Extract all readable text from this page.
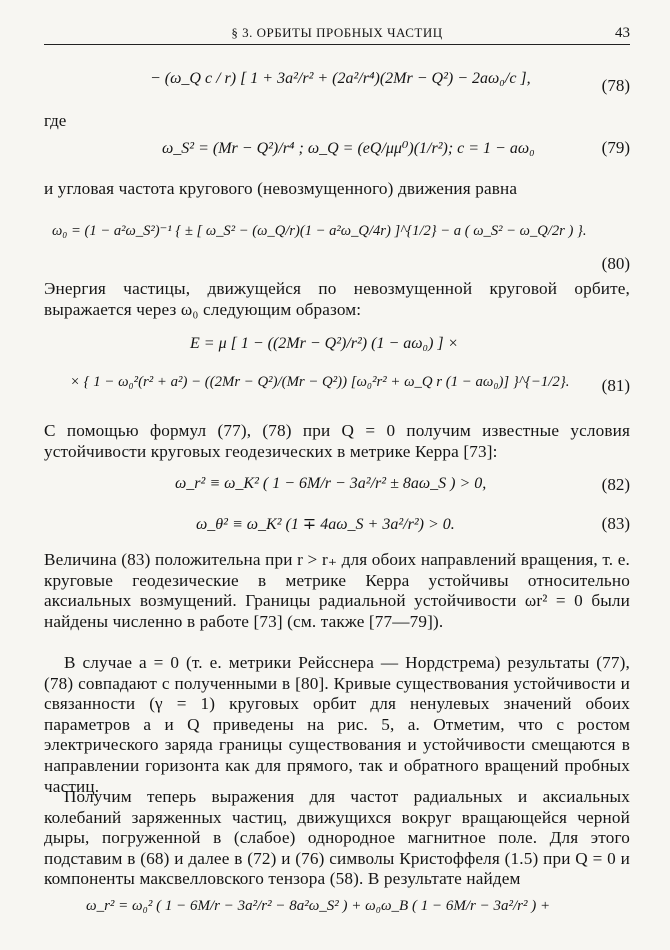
§ 3. ОРБИТЫ ПРОБНЫХ ЧАСТИЦ	43
− (ω_Q c / r) [ 1 + 3a²/r² + (2a²/r⁴)(2Mr − Q²) − 2aω₀/c ],	(78)
где
ω_S² = (Mr − Q²)/r⁴ ; ω_Q = (eQ/μμ⁰)(1/r²); c = 1 − aω₀	(79)
и угловая частота кругового (невозмущенного) движения равна
ω₀ = (1 − a²ω_S²)⁻¹ { ± [ ω_S² − (ω_Q/r)(1 − a²ω_Q/4r) ]^{1/2} − a ( ω_S² − ω_Q/2r ) }.
(80)
Энергия частицы, движущейся по невозмущенной круговой орбите, выражается через ω₀ следующим образом:
E = μ [ 1 − ((2Mr − Q²)/r²) (1 − aω₀) ] ×
× { 1 − ω₀²(r² + a²) − ((2Mr − Q²)/(Mr − Q²)) [ω₀²r² + ω_Q r (1 − aω₀)] }^{−1/2}. (81)
С помощью формул (77), (78) при Q = 0 получим известные условия устойчивости круговых геодезических в метрике Керра [73]:
ω_r² ≡ ω_K² ( 1 − 6M/r − 3a²/r² ± 8aω_S ) > 0,	(82)
ω_θ² ≡ ω_K² (1 ∓ 4aω_S + 3a²/r²) > 0.	(83)
Величина (83) положительна при r > r₊ для обоих направлений вращения, т. е. круговые геодезические в метрике Керра устойчивы относительно аксиальных возмущений. Границы радиальной устойчивости ωr² = 0 были найдены численно в работе [73] (см. также [77—79]).
В случае a = 0 (т. е. метрики Рейсснера — Нордстрема) результаты (77), (78) совпадают с полученными в [80]. Кривые существования устойчивости и связанности (γ = 1) круговых орбит для ненулевых значений обоих параметров a и Q приведены на рис. 5, а. Отметим, что с ростом электрического заряда границы существования и устойчивости смещаются в направлении горизонта как для прямого, так и обратного вращений пробных частиц.
Получим теперь выражения для частот радиальных и аксиальных колебаний заряженных частиц, движущихся вокруг вращающейся черной дыры, погруженной в (слабое) однородное магнитное поле. Для этого подставим в (68) и далее в (72) и (76) символы Кристоффеля (1.5) при Q = 0 и компоненты максвелловского тензора (58). В результате найдем
ω_r² = ω₀² ( 1 − 6M/r − 3a²/r² − 8a²ω_S² ) + ω₀ω_B ( 1 − 6M/r − 3a²/r² ) +
